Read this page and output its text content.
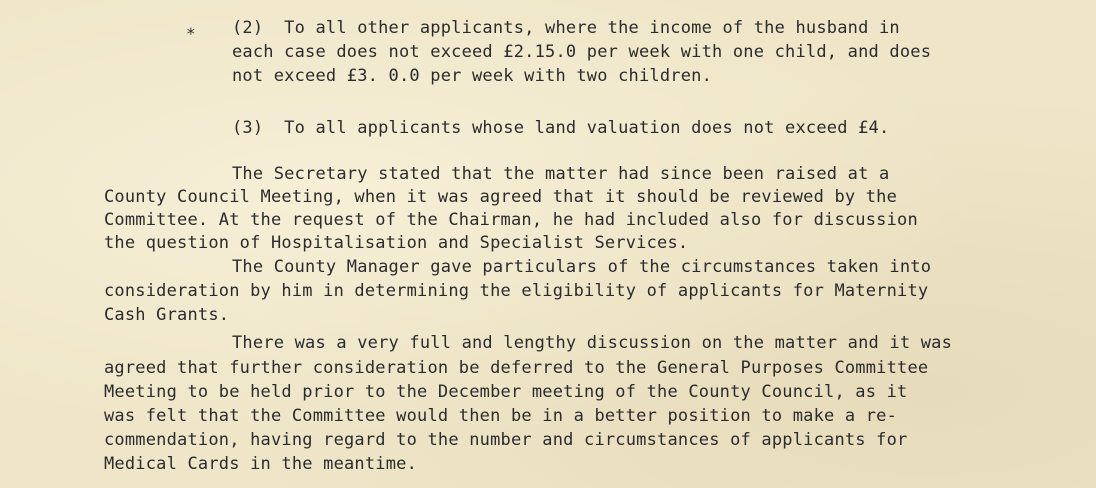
* (2)  To all other applicants, where the income of the husband in
each case does not exceed £2.15.0 per week with one child, and does
not exceed £3. 0.0 per week with two children.
(3)  To all applicants whose land valuation does not exceed £4.
The Secretary stated that the matter had since been raised at a
County Council Meeting, when it was agreed that it should be reviewed by the
Committee. At the request of the Chairman, he had included also for discussion
the question of Hospitalisation and Specialist Services.
The County Manager gave particulars of the circumstances taken into
consideration by him in determining the eligibility of applicants for Maternity
Cash Grants.
There was a very full and lengthy discussion on the matter and it was
agreed that further consideration be deferred to the General Purposes Committee
Meeting to be held prior to the December meeting of the County Council, as it
was felt that the Committee would then be in a better position to make a re-
commendation, having regard to the number and circumstances of applicants for
Medical Cards in the meantime.
